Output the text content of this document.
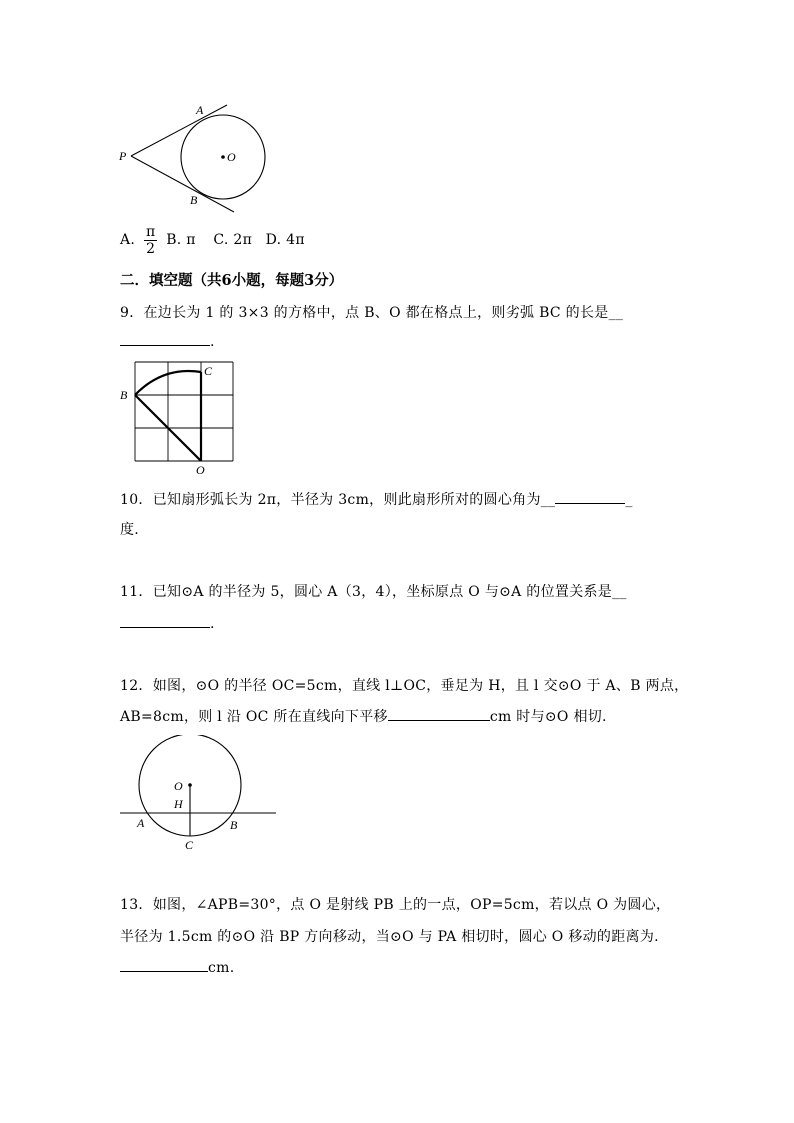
A
P	O
B
A. $\frac{\pi}{2} B$. π C. 2π D. 4π
二．填空题（共6小题，每题3分）
9．在边长为 1 的 3×3 的方格中，点 B、O 都在格点上，则劣弧 BC 的长是__
.
B
C
O
10．已知扇形弧长为 2π，半径为 3cm，则此扇形所对的圆心角为__	_
度.
11．已知⊙A 的半径为 5，圆心 A（3，4），坐标原点 O 与⊙A 的位置关系是__
.
12．如图，⊙O 的半径 OC=5cm，直线 l⊥OC，垂足为 H，且 l 交⊙O 于 A、B 两点，
AB=8cm，则 l 沿 OC 所在直线向下平移	cm 时与⊙O 相切.
O
H
A	B
C
13．如图，∠APB=30°，点 O 是射线 PB 上的一点，OP=5cm，若以点 O 为圆心，
半径为 1.5cm 的⊙O 沿 BP 方向移动，当⊙O 与 PA 相切时，圆心 O 移动的距离为.
cm.
